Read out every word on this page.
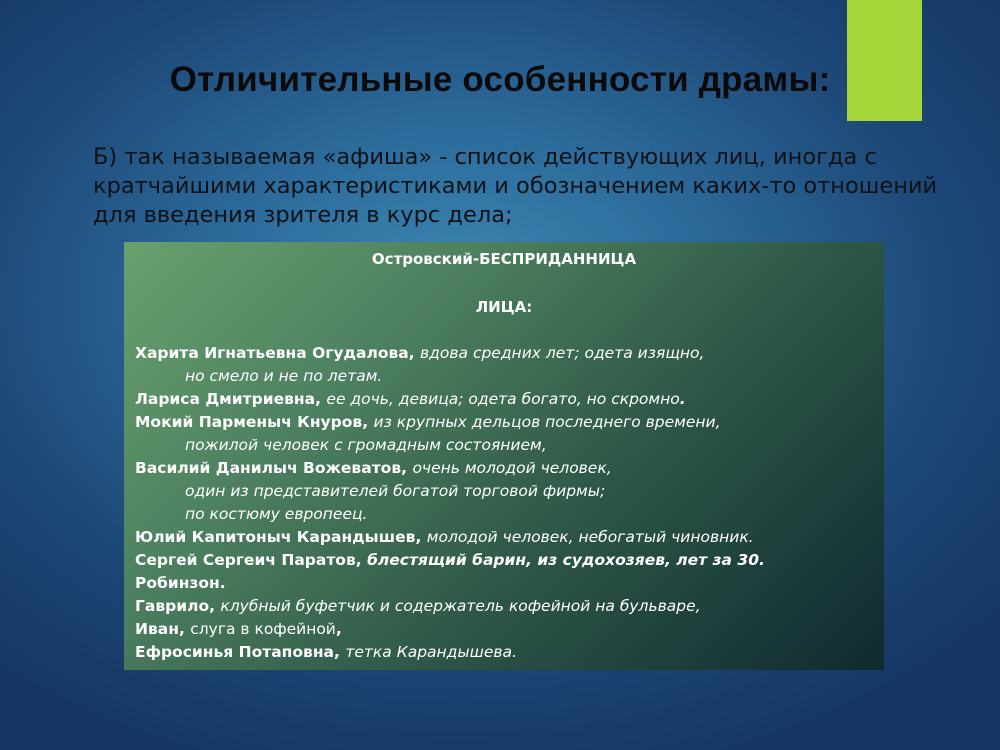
Отличительные особенности драмы:
Б) так называемая «афиша» - список действующих лиц, иногда с
кратчайшими характеристиками и обозначением каких-то отношений
для введения зрителя в курс дела;
Островский-БЕСПРИДАННИЦА
ЛИЦА:
Харита Игнатьевна Огудалова, вдова средних лет; одета изящно,
но смело и не по летам.
Лариса Дмитриевна, ее дочь, девица; одета богато, но скромно.
Мокий Парменыч Кнуров, из крупных дельцов последнего времени,
пожилой человек с громадным состоянием,
Василий Данилыч Вожеватов, очень молодой человек,
один из представителей богатой торговой фирмы;
по костюму европеец.
Юлий Капитоныч Карандышев, молодой человек, небогатый чиновник.
Сергей Сергеич Паратов, блестящий барин, из судохозяев, лет за 30.
Робинзон.
Гаврило, клубный буфетчик и содержатель кофейной на бульваре,
Иван, слуга в кофейной,
Ефросинья Потаповна, тетка Карандышева.
